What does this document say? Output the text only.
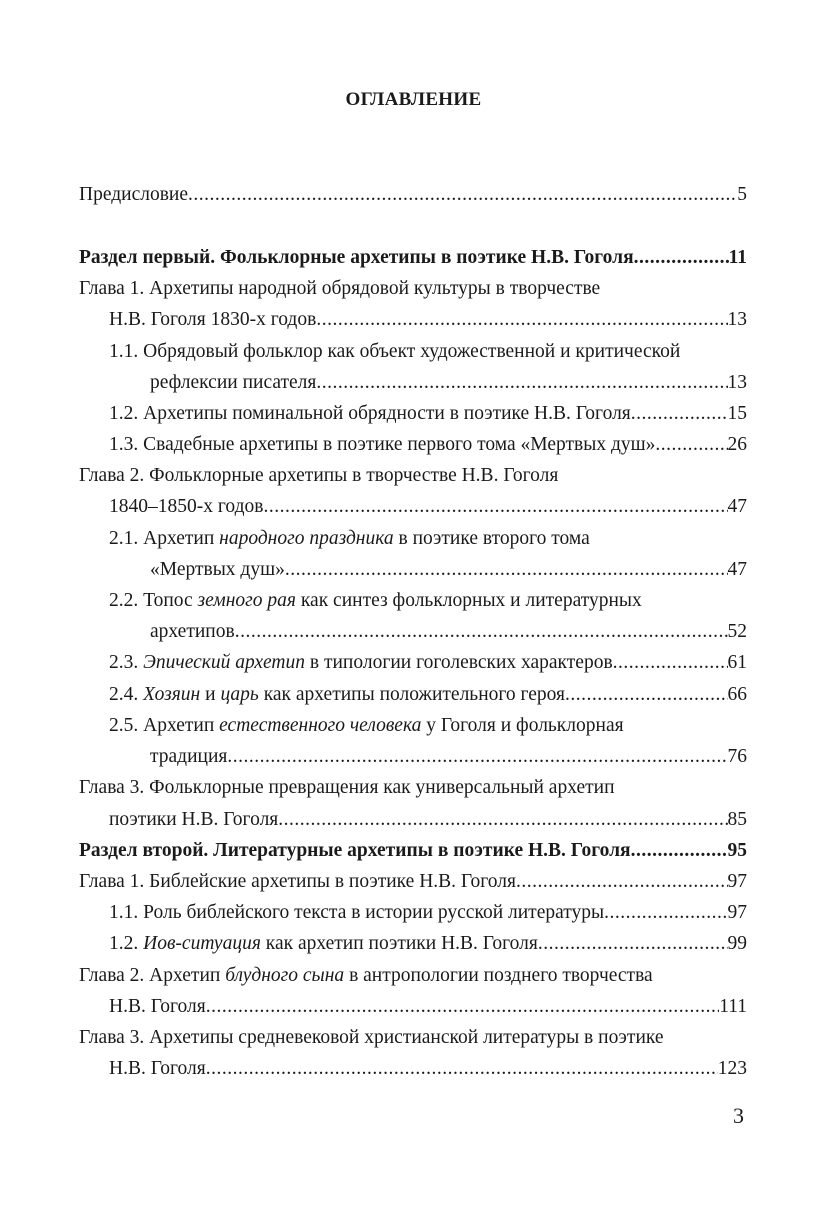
ОГЛАВЛЕНИЕ
Предисловие .....	5
Раздел первый. Фольклорные архетипы в поэтике Н.В. Гоголя .....	11
Глава 1. Архетипы народной обрядовой культуры в творчестве
Н.В. Гоголя 1830-х годов .....	13
1.1. Обрядовый фольклор как объект художественной и критической
рефлексии писателя .....	13
1.2. Архетипы поминальной обрядности в поэтике Н.В. Гоголя .....	15
1.3. Свадебные архетипы в поэтике первого тома «Мертвых душ» .....	26
Глава 2. Фольклорные архетипы в творчестве Н.В. Гоголя
1840–1850-х годов .....	47
2.1. Архетип народного праздника в поэтике второго тома
«Мертвых душ» .....	47
2.2. Топос земного рая как синтез фольклорных и литературных
архетипов .....	52
2.3. Эпический архетип в типологии гоголевских характеров .....	61
2.4. Хозяин и царь как архетипы положительного героя .....	66
2.5. Архетип естественного человека у Гоголя и фольклорная
традиция .....	76
Глава 3. Фольклорные превращения как универсальный архетип
поэтики Н.В. Гоголя .....	85
Раздел второй. Литературные архетипы в поэтике Н.В. Гоголя .....	95
Глава 1. Библейские архетипы в поэтике Н.В. Гоголя .....	97
1.1. Роль библейского текста в истории русской литературы .....	97
1.2. Иов-ситуация как архетип поэтики Н.В. Гоголя .....	99
Глава 2. Архетип блудного сына в антропологии позднего творчества
Н.В. Гоголя .....	111
Глава 3. Архетипы средневековой христианской литературы в поэтике
Н.В. Гоголя .....	123
3
